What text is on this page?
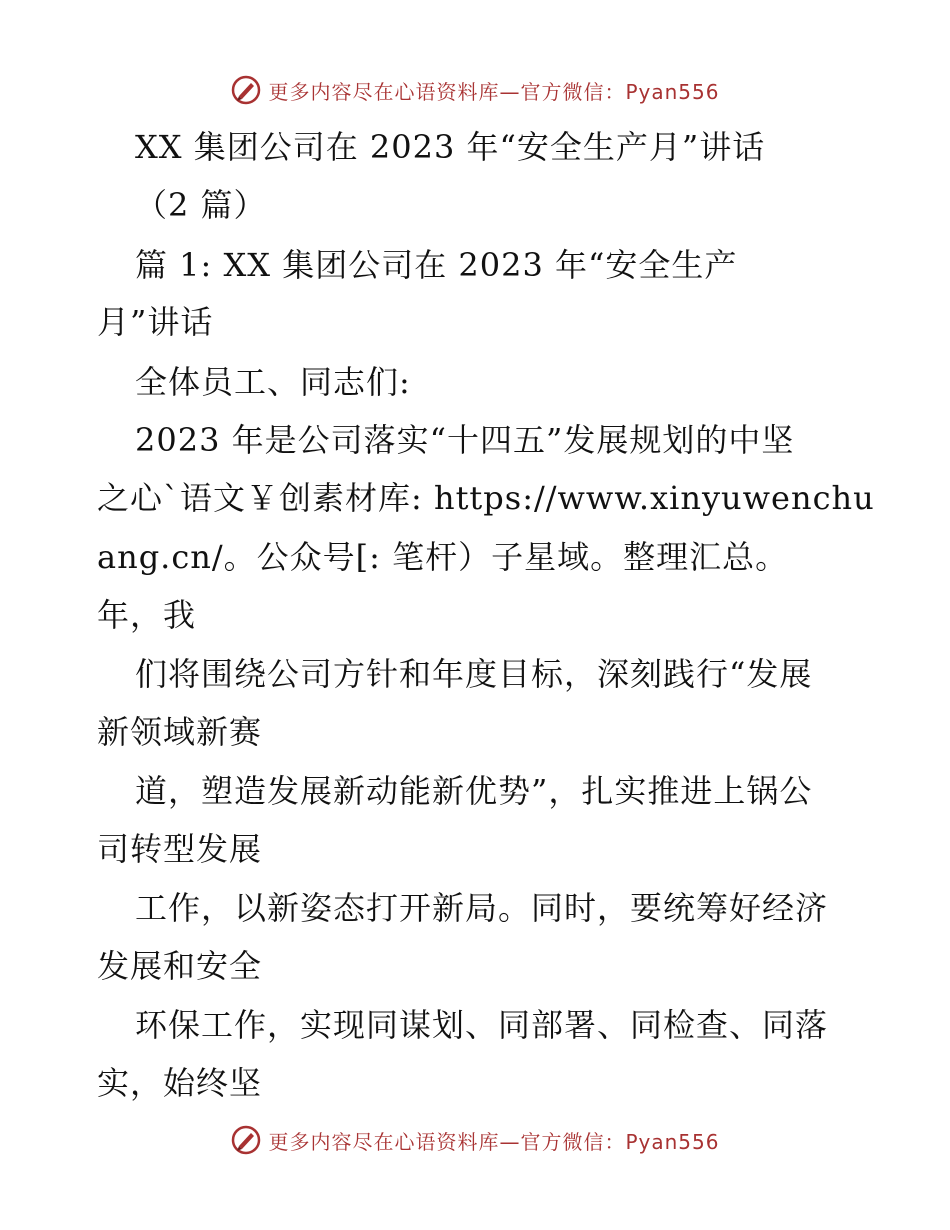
更多内容尽在心语资料库—官方微信：Pyan556
XX 集团公司在 2023 年“安全生产月”讲话
（2 篇）
篇 1: XX 集团公司在 2023 年“安全生产
月”讲话
全体员工、同志们:
2023 年是公司落实“十四五”发展规划的中坚
之心`语文￥创素材库: https://www.xinyuwenchu
ang.cn/。公众号[: 笔杆）子星域。整理汇总。
年，我
们将围绕公司方针和年度目标，深刻践行“发展
新领域新赛
道，塑造发展新动能新优势”，扎实推进上锅公
司转型发展
工作，以新姿态打开新局。同时，要统筹好经济
发展和安全
环保工作，实现同谋划、同部署、同检查、同落
实，始终坚
更多内容尽在心语资料库—官方微信：Pyan556
